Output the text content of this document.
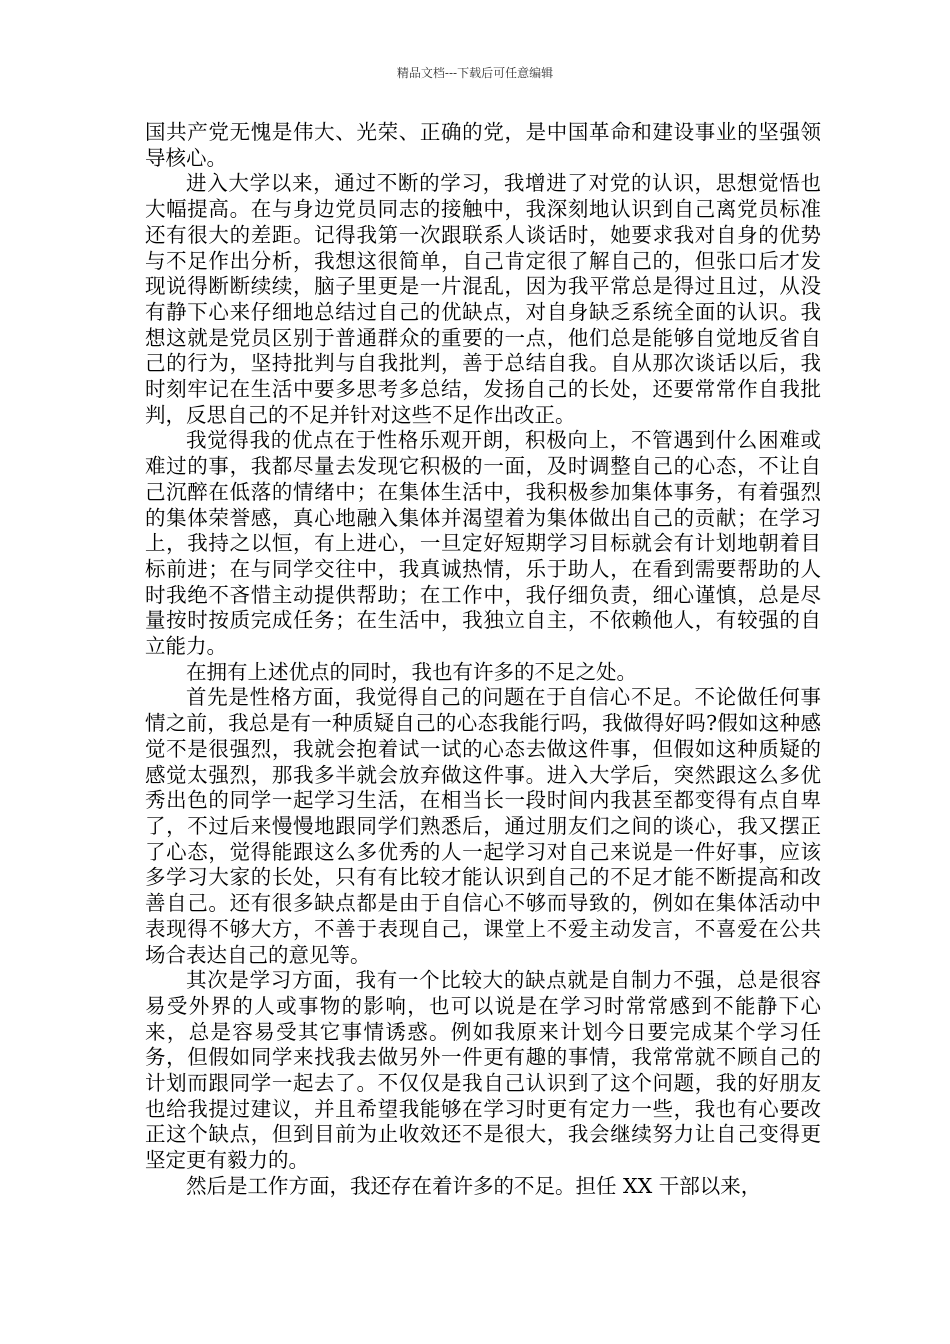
精品文档---下载后可任意编辑

国共产党无愧是伟大、光荣、正确的党，是中国革命和建设事业的坚强领导核心。

进入大学以来，通过不断的学习，我增进了对党的认识，思想觉悟也大幅提高。在与身边党员同志的接触中，我深刻地认识到自己离党员标准还有很大的差距。记得我第一次跟联系人谈话时，她要求我对自身的优势与不足作出分析，我想这很简单，自己肯定很了解自己的，但张口后才发现说得断断续续，脑子里更是一片混乱，因为我平常总是得过且过，从没有静下心来仔细地总结过自己的优缺点，对自身缺乏系统全面的认识。我想这就是党员区别于普通群众的重要的一点，他们总是能够自觉地反省自己的行为，坚持批判与自我批判，善于总结自我。自从那次谈话以后，我时刻牢记在生活中要多思考多总结，发扬自己的长处，还要常常作自我批判，反思自己的不足并针对这些不足作出改正。

我觉得我的优点在于性格乐观开朗，积极向上，不管遇到什么困难或难过的事，我都尽量去发现它积极的一面，及时调整自己的心态，不让自己沉醉在低落的情绪中；在集体生活中，我积极参加集体事务，有着强烈的集体荣誉感，真心地融入集体并渴望着为集体做出自己的贡献；在学习上，我持之以恒，有上进心，一旦定好短期学习目标就会有计划地朝着目标前进；在与同学交往中，我真诚热情，乐于助人，在看到需要帮助的人时我绝不吝惜主动提供帮助；在工作中，我仔细负责，细心谨慎，总是尽量按时按质完成任务；在生活中，我独立自主，不依赖他人，有较强的自立能力。

在拥有上述优点的同时，我也有许多的不足之处。

首先是性格方面，我觉得自己的问题在于自信心不足。不论做任何事情之前，我总是有一种质疑自己的心态我能行吗，我做得好吗?假如这种感觉不是很强烈，我就会抱着试一试的心态去做这件事，但假如这种质疑的感觉太强烈，那我多半就会放弃做这件事。进入大学后，突然跟这么多优秀出色的同学一起学习生活，在相当长一段时间内我甚至都变得有点自卑了，不过后来慢慢地跟同学们熟悉后，通过朋友们之间的谈心，我又摆正了心态，觉得能跟这么多优秀的人一起学习对自己来说是一件好事，应该多学习大家的长处，只有有比较才能认识到自己的不足才能不断提高和改善自己。还有很多缺点都是由于自信心不够而导致的，例如在集体活动中表现得不够大方，不善于表现自己，课堂上不爱主动发言，不喜爱在公共场合表达自己的意见等。

其次是学习方面，我有一个比较大的缺点就是自制力不强，总是很容易受外界的人或事物的影响，也可以说是在学习时常常感到不能静下心来，总是容易受其它事情诱惑。例如我原来计划今日要完成某个学习任务，但假如同学来找我去做另外一件更有趣的事情，我常常就不顾自己的计划而跟同学一起去了。不仅仅是我自己认识到了这个问题，我的好朋友也给我提过建议，并且希望我能够在学习时更有定力一些，我也有心要改正这个缺点，但到目前为止收效还不是很大，我会继续努力让自己变得更坚定更有毅力的。

然后是工作方面，我还存在着许多的不足。担任 XX 干部以来，
